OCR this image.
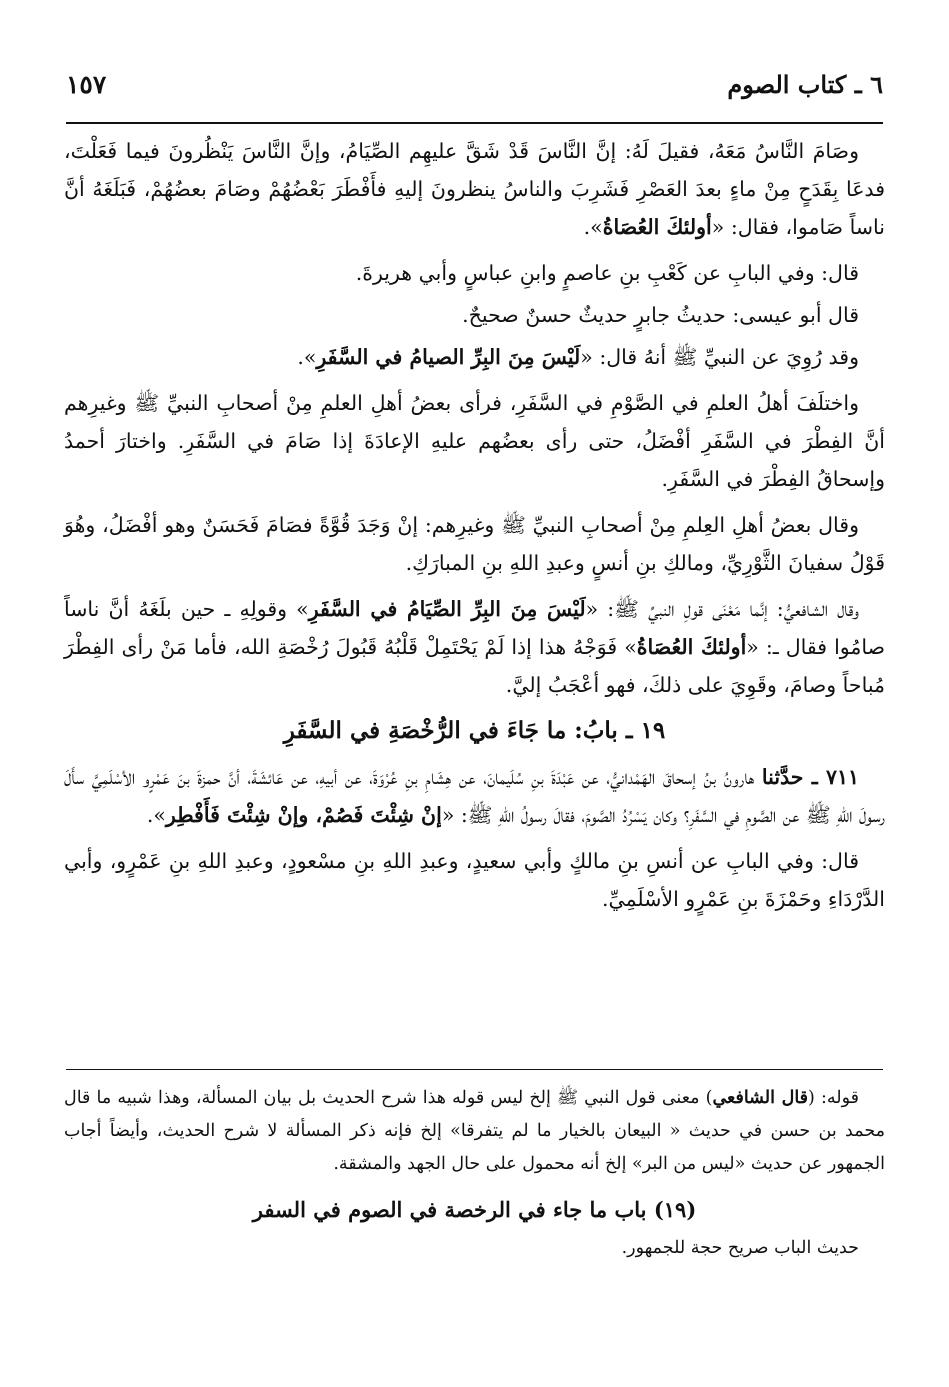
١٥٧	٦ ـ كتاب الصوم

وصَامَ النَّاسُ مَعَهُ، فقيلَ لَهُ: إنَّ النَّاسَ قَدْ شَقَّ عليهِم الصِّيَامُ، وإنَّ النَّاسَ يَنْظُرونَ فيما فَعَلْتَ، فدعَا بِقَدَحٍ مِنْ ماءٍ بعدَ العَصْرِ فَشَرِبَ والناسُ ينظرونَ إليهِ فأَفْطَرَ بَعْضُهُمْ وصَامَ بعضُهُمْ، فَبَلَغَهُ أنَّ ناساً صَاموا، فقال: «أولئكَ العُصَاةُ».

قال: وفي البابِ عن كَعْبِ بنِ عاصمٍ وابنِ عباسٍ وأبي هريرةَ.

قال أبو عيسى: حديثُ جابرٍ حديثٌ حسنٌ صحيحٌ.

وقد رُوِيَ عن النبيِّ ﷺ أنهُ قال: «لَيْسَ مِنَ البِرِّ الصيامُ في السَّفَرِ».

واختلَفَ أهلُ العلمِ في الصَّوْمِ في السَّفَرِ، فرأى بعضُ أهلِ العلمِ مِنْ أصحابِ النبيِّ ﷺ وغيرِهم أنَّ الفِطْرَ في السَّفَرِ أفْضَلُ، حتى رأى بعضُهم عليهِ الإعادَةَ إذا صَامَ في السَّفَرِ. واختارَ أحمدُ وإسحاقُ الفِطْرَ في السَّفَرِ.

وقال بعضُ أهلِ العِلمِ مِنْ أصحابِ النبيِّ ﷺ وغيرِهم: إنْ وَجَدَ قُوَّةً فصَامَ فَحَسَنٌ وهو أفْضَلُ، وهُوَ قَوْلُ سفيانَ الثَّوْرِيِّ، ومالكِ بنِ أنسٍ وعبدِ اللهِ بنِ المبارَكِ.

وقال الشافعيُّ: إنَّما مَعْنَى قولِ النبيِّ ﷺ: «لَيْسَ مِنَ البِرِّ الصِّيَامُ في السَّفَرِ» وقولِهِ ـ حين بلَغَهُ أنَّ ناساً صامُوا فقال ـ: «أولئكَ العُصَاةُ» فَوَجْهُ هذا إذا لَمْ يَحْتَمِلْ قَلْبُهُ قَبُولَ رُخْصَةِ الله، فأما مَنْ رأى الفِطْرَ مُباحاً وصامَ، وقَوِيَ على ذلكَ، فهو أعْجَبُ إليَّ.

١٩ ـ بابُ: ما جَاءَ في الرُّخْصَةِ في السَّفَرِ

٧١١ ـ حدَّثنا هارونُ بنُ إسحاقَ الهَمْدانيُّ، عن عَبْدَةَ بنِ سُلَيمانَ، عن هِشَامِ بنِ عُرْوَةَ، عن أبيهِ، عن عَائشَةَ، أنَّ حمزةَ بنَ عَمْرٍو الأسْلَمِيَّ سأَلَ رسولَ اللهِ ﷺ عن الصَّومِ في السَّفَرِ؟ وكان يَسْرُدُ الصَّومَ، فقالَ رسولُ اللهِ ﷺ: «إنْ شِئْتَ فَصُمْ، وإنْ شِئْتَ فَأَفْطِر».

قال: وفي البابِ عن أنسِ بنِ مالكٍ وأبي سعيدٍ، وعبدِ اللهِ بنِ مسْعودٍ، وعبدِ اللهِ بنِ عَمْرٍو، وأبي الدَّرْدَاءِ وحَمْزَةَ بنِ عَمْرٍو الأسْلَمِيِّ.

قوله: (قال الشافعي) معنى قول النبي ﷺ إلخ ليس قوله هذا شرح الحديث بل بيان المسألة، وهذا شبيه ما قال محمد بن حسن في حديث « البيعان بالخيار ما لم يتفرقا» إلخ فإنه ذكر المسألة لا شرح الحديث، وأيضاً أجاب الجمهور عن حديث «ليس من البر» إلخ أنه محمول على حال الجهد والمشقة.

(١٩) باب ما جاء في الرخصة في الصوم في السفر

حديث الباب صريح حجة للجمهور.
